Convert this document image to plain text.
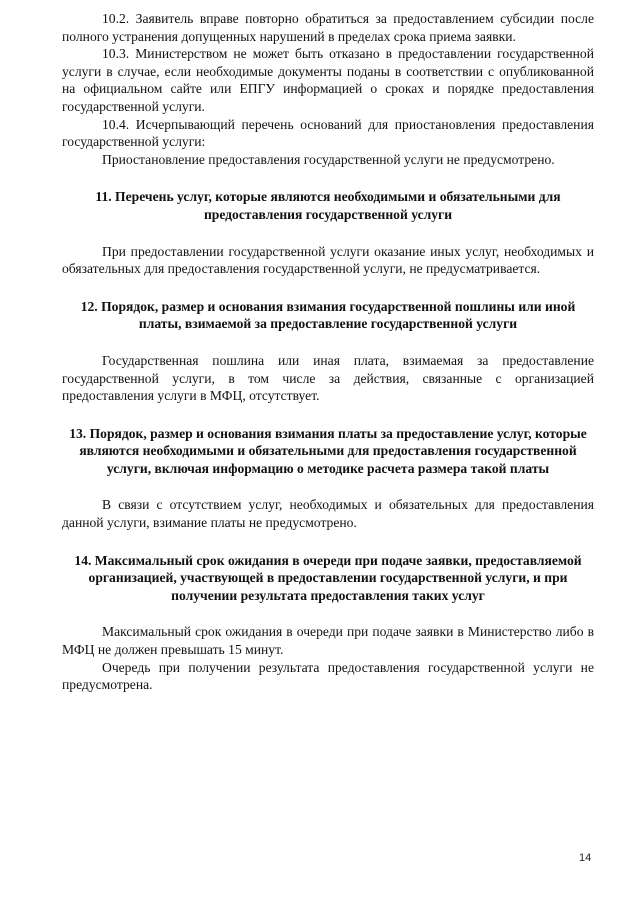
10.2. Заявитель вправе повторно обратиться за предоставлением субсидии после полного устранения допущенных нарушений в пределах срока приема заявки.

10.3. Министерством не может быть отказано в предоставлении государственной услуги в случае, если необходимые документы поданы в соответствии с опубликованной на официальном сайте или ЕПГУ информацией о сроках и порядке предоставления государственной услуги.

10.4. Исчерпывающий перечень оснований для приостановления предоставления государственной услуги:

Приостановление предоставления государственной услуги не предусмотрено.

11. Перечень услуг, которые являются необходимыми и обязательными для предоставления государственной услуги

При предоставлении государственной услуги оказание иных услуг, необходимых и обязательных для предоставления государственной услуги, не предусматривается.

12. Порядок, размер и основания взимания государственной пошлины или иной платы, взимаемой за предоставление государственной услуги

Государственная пошлина или иная плата, взимаемая за предоставление государственной услуги, в том числе за действия, связанные с организацией предоставления услуги в МФЦ, отсутствует.

13. Порядок, размер и основания взимания платы за предоставление услуг, которые являются необходимыми и обязательными для предоставления государственной услуги, включая информацию о методике расчета размера такой платы

В связи с отсутствием услуг, необходимых и обязательных для предоставления данной услуги, взимание платы не предусмотрено.

14. Максимальный срок ожидания в очереди при подаче заявки, предоставляемой организацией, участвующей в предоставлении государственной услуги, и при получении результата предоставления таких услуг

Максимальный срок ожидания в очереди при подаче заявки в Министерство либо в МФЦ не должен превышать 15 минут.

Очередь при получении результата предоставления государственной услуги не предусмотрена.

14
